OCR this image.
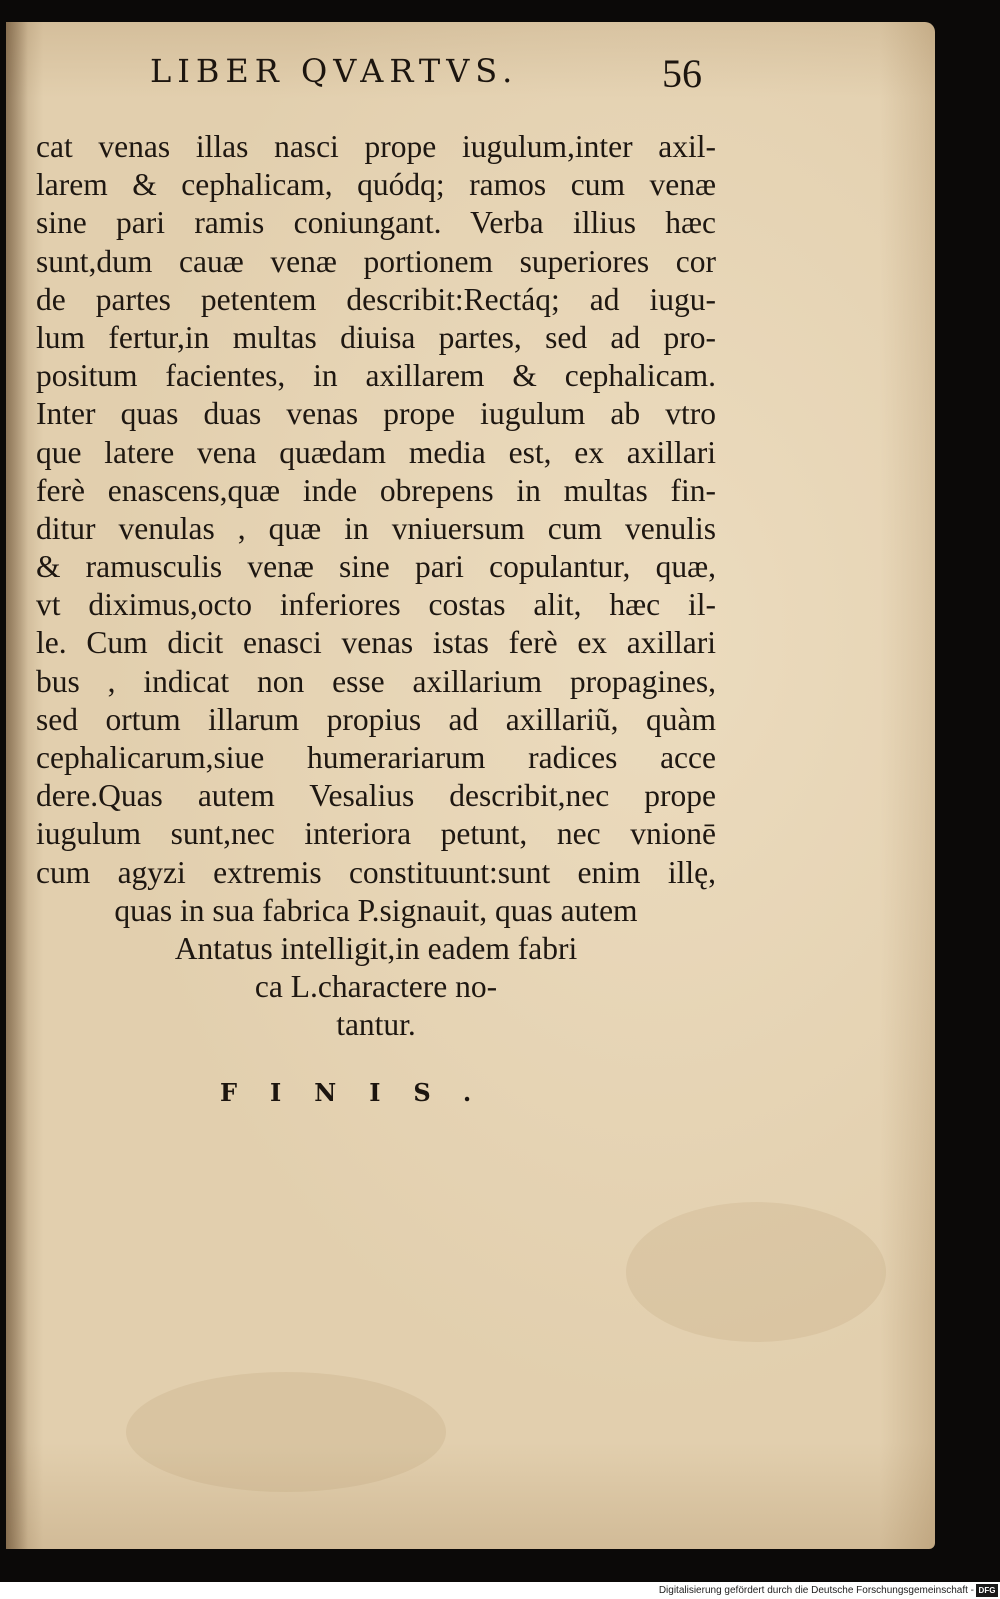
LIBER QVARTVS.	56
cat venas illas nasci prope iugulum,inter axil-
larem & cephalicam, quódq; ramos cum venæ
sine pari ramis coniungant. Verba illius hæc
sunt,dum cauæ venæ portionem superiores cor
de partes petentem describit:Rectáq; ad iugu-
lum fertur,in multas diuisa partes, sed ad pro-
positum facientes, in axillarem & cephalicam.
Inter quas duas venas prope iugulum ab vtro
que latere vena quædam media est, ex axillari
ferè enascens,quæ inde obrepens in multas fin-
ditur venulas , quæ in vniuersum cum venulis
& ramusculis venæ sine pari copulantur, quæ,
vt diximus,octo inferiores costas alit, hæc il-
le. Cum dicit enasci venas istas ferè ex axillari
bus , indicat non esse axillarium propagines,
sed ortum illarum propius ad axillariũ, quàm
cephalicarum,siue humerariarum radices acce
dere.Quas autem Vesalius describit,nec prope
iugulum sunt,nec interiora petunt, nec vnionē
cum agyzi extremis constituunt:sunt enim illę,
quas in sua fabrica P.signauit, quas autem
Antatus intelligit,in eadem fabri
ca L.charactere no-
tantur.
FINIS.
Digitalisierung gefördert durch die Deutsche Forschungsgemeinschaft - DFG
